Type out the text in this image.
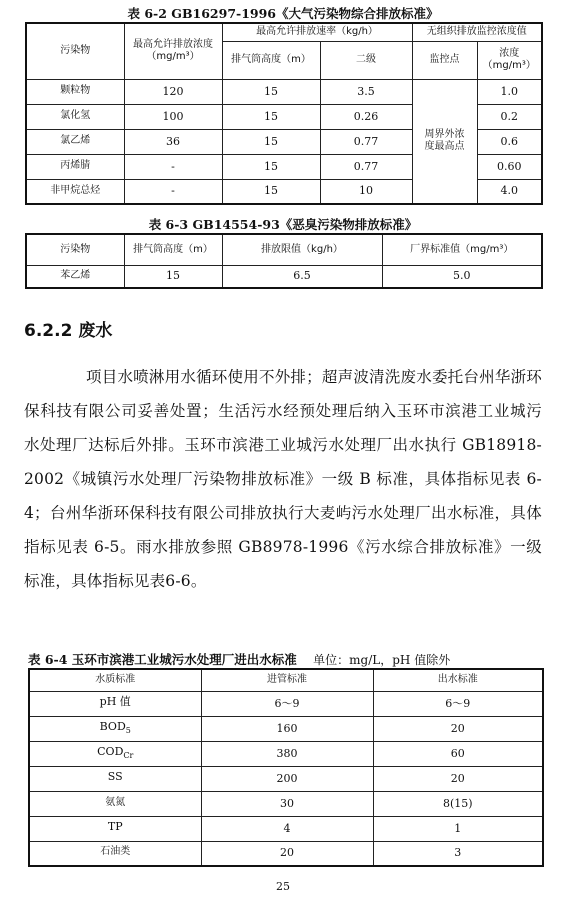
表 6-2 GB16297-1996《大气污染物综合排放标准》
污染物	最高允许排放浓度（mg/m³）	最高允许排放速率（kg/h）		无组织排放监控浓度值	
		排气筒高度（m）	二级	监控点	浓度（mg/m³）
颗粒物	120	15	3.5	周界外浓度最高点	1.0
氯化氢	100	15	0.26		0.2
氯乙烯	36	15	0.77		0.6
丙烯腈	-	15	0.77		0.60
非甲烷总烃	-	15	10		4.0
表 6-3 GB14554-93《恶臭污染物排放标准》
污染物	排气筒高度（m）	排放限值（kg/h）	厂界标准值（mg/m³）
苯乙烯	15	6.5	5.0
6.2.2 废水
项目水喷淋用水循环使用不外排；超声波清洗废水委托台州华浙环保科技有限公司妥善处置；生活污水经预处理后纳入玉环市滨港工业城污水处理厂达标后外排。玉环市滨港工业城污水处理厂出水执行 GB18918-2002《城镇污水处理厂污染物排放标准》一级 B 标准，具体指标见表 6-4；台州华浙环保科技有限公司排放执行大麦屿污水处理厂出水标准，具体指标见表 6-5。雨水排放参照 GB8978-1996《污水综合排放标准》一级标准，具体指标见表6-6。
表 6-4 玉环市滨港工业城污水处理厂进出水标准 单位：mg/L，pH 值除外
水质标准	进管标准	出水标准
pH 值	6～9	6～9
$BOD_5$	160	20
$COD_{Cr}$	380	60
SS	200	20
氨氮	30	8(15)
TP	4	1
石油类	20	3
25
